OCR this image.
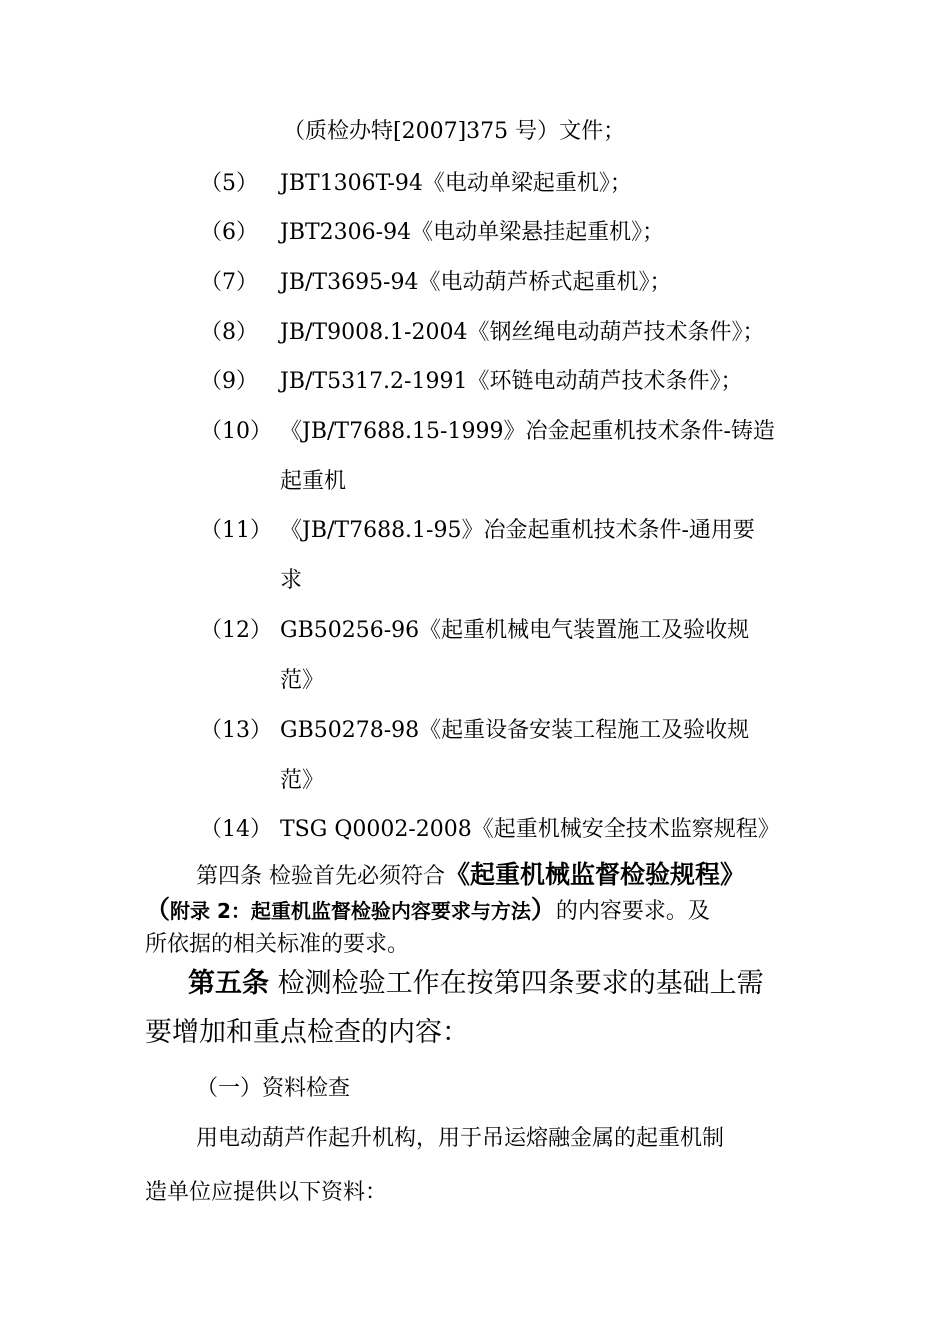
（质检办特[2007]375 号）文件；
（5） JBT1306T-94《电动单梁起重机》；
（6） JBT2306-94《电动单梁悬挂起重机》；
（7） JB/T3695-94《电动葫芦桥式起重机》；
（8） JB/T9008.1-2004《钢丝绳电动葫芦技术条件》；
（9） JB/T5317.2-1991《环链电动葫芦技术条件》；
（10） 《JB/T7688.15-1999》冶金起重机技术条件-铸造
起重机
（11） 《JB/T7688.1-95》冶金起重机技术条件-通用要
求
（12） GB50256-96《起重机械电气装置施工及验收规
范》
（13） GB50278-98《起重设备安装工程施工及验收规
范》
（14） TSG Q0002-2008《起重机械安全技术监察规程》
第四条 检验首先必须符合《起重机械监督检验规程》
（附录 2：起重机监督检验内容要求与方法）的内容要求。及
所依据的相关标准的要求。
第五条 检测检验工作在按第四条要求的基础上需
要增加和重点检查的内容：
（一）资料检查
用电动葫芦作起升机构，用于吊运熔融金属的起重机制
造单位应提供以下资料：
